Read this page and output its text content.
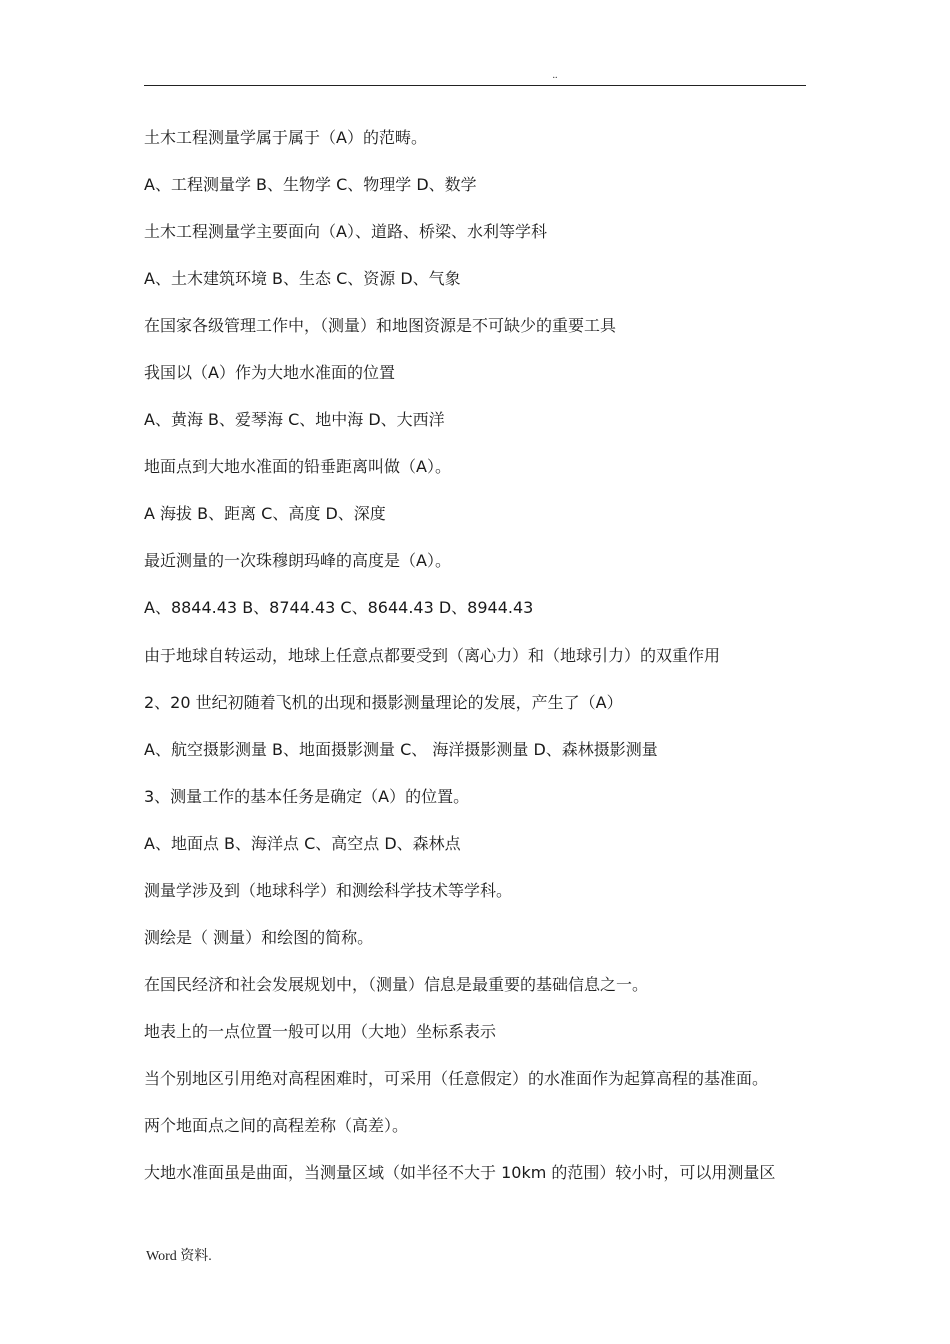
..
土木工程测量学属于属于（A）的范畴。
A、工程测量学 B、生物学 C、物理学 D、数学
土木工程测量学主要面向（A）、道路、桥梁、水利等学科
A、土木建筑环境 B、生态 C、资源 D、气象
在国家各级管理工作中，（测量）和地图资源是不可缺少的重要工具
我国以（A）作为大地水准面的位置
A、黄海 B、爱琴海 C、地中海 D、大西洋
地面点到大地水准面的铅垂距离叫做（A）。
A 海拔 B、距离 C、高度 D、深度
最近测量的一次珠穆朗玛峰的高度是（A）。
A、8844.43 B、8744.43 C、8644.43 D、8944.43
由于地球自转运动，地球上任意点都要受到（离心力）和（地球引力）的双重作用
2、20 世纪初随着飞机的出现和摄影测量理论的发展，产生了（A）
A、航空摄影测量 B、地面摄影测量 C、 海洋摄影测量 D、森林摄影测量
3、测量工作的基本任务是确定（A）的位置。
A、地面点 B、海洋点 C、高空点 D、森林点
测量学涉及到（地球科学）和测绘科学技术等学科。
测绘是（ 测量）和绘图的简称。
在国民经济和社会发展规划中，（测量）信息是最重要的基础信息之一。
地表上的一点位置一般可以用（大地）坐标系表示
当个别地区引用绝对高程困难时，可采用（任意假定）的水准面作为起算高程的基准面。
两个地面点之间的高程差称（高差）。
大地水准面虽是曲面，当测量区域（如半径不大于 10km 的范围）较小时，可以用测量区
Word 资料.
